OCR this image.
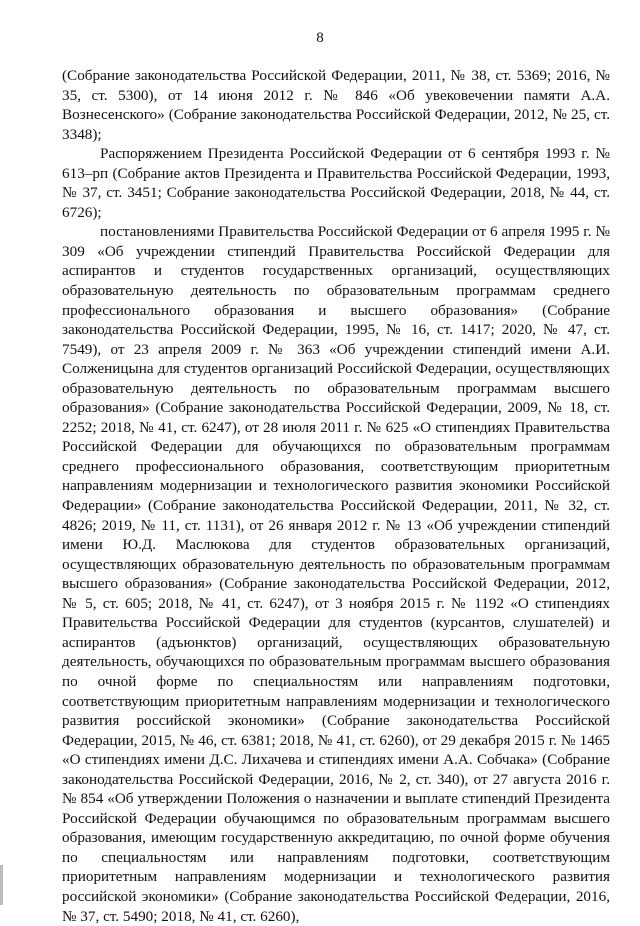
8

(Собрание законодательства Российской Федерации, 2011, № 38, ст. 5369; 2016, № 35, ст. 5300), от 14 июня 2012 г. № 846 «Об увековечении памяти А.А. Вознесенского» (Собрание законодательства Российской Федерации, 2012, № 25, ст. 3348);

Распоряжением Президента Российской Федерации от 6 сентября 1993 г. № 613–рп (Собрание актов Президента и Правительства Российской Федерации, 1993, № 37, ст. 3451; Собрание законодательства Российской Федерации, 2018, № 44, ст. 6726);

постановлениями Правительства Российской Федерации от 6 апреля 1995 г. № 309 «Об учреждении стипендий Правительства Российской Федерации для аспирантов и студентов государственных организаций, осуществляющих образовательную деятельность по образовательным программам среднего профессионального образования и высшего образования» (Собрание законодательства Российской Федерации, 1995, № 16, ст. 1417; 2020, № 47, ст. 7549), от 23 апреля 2009 г. № 363 «Об учреждении стипендий имени А.И. Солженицына для студентов организаций Российской Федерации, осуществляющих образовательную деятельность по образовательным программам высшего образования» (Собрание законодательства Российской Федерации, 2009, № 18, ст. 2252; 2018, № 41, ст. 6247), от 28 июля 2011 г. № 625 «О стипендиях Правительства Российской Федерации для обучающихся по образовательным программам среднего профессионального образования, соответствующим приоритетным направлениям модернизации и технологического развития экономики Российской Федерации» (Собрание законодательства Российской Федерации, 2011, № 32, ст. 4826; 2019, № 11, ст. 1131), от 26 января 2012 г. № 13 «Об учреждении стипендий имени Ю.Д. Маслюкова для студентов образовательных организаций, осуществляющих образовательную деятельность по образовательным программам высшего образования» (Собрание законодательства Российской Федерации, 2012, № 5, ст. 605; 2018, № 41, ст. 6247), от 3 ноября 2015 г. № 1192 «О стипендиях Правительства Российской Федерации для студентов (курсантов, слушателей) и аспирантов (адъюнктов) организаций, осуществляющих образовательную деятельность, обучающихся по образовательным программам высшего образования по очной форме по специальностям или направлениям подготовки, соответствующим приоритетным направлениям модернизации и технологического развития российской экономики» (Собрание законодательства Российской Федерации, 2015, № 46, ст. 6381; 2018, № 41, ст. 6260), от 29 декабря 2015 г. № 1465 «О стипендиях имени Д.С. Лихачева и стипендиях имени А.А. Собчака» (Собрание законодательства Российской Федерации, 2016, № 2, ст. 340), от 27 августа 2016 г. № 854 «Об утверждении Положения о назначении и выплате стипендий Президента Российской Федерации обучающимся по образовательным программам высшего образования, имеющим государственную аккредитацию, по очной форме обучения по специальностям или направлениям подготовки, соответствующим приоритетным направлениям модернизации и технологического развития российской экономики» (Собрание законодательства Российской Федерации, 2016, № 37, ст. 5490; 2018, № 41, ст. 6260),
